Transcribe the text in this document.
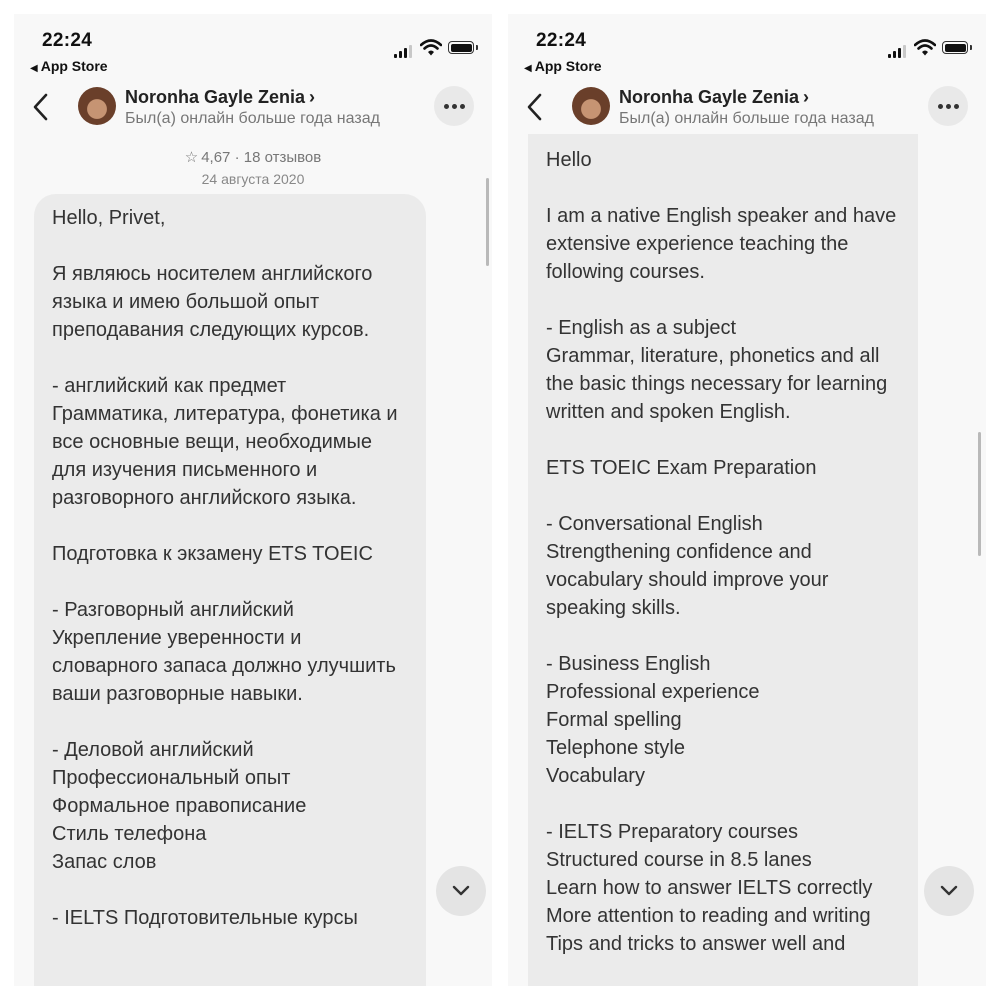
24 августа 2020
Hello, Privet,

Я являюсь носителем английского языка и имею большой опыт преподавания следующих курсов.

- английский как предмет
Грамматика, литература, фонетика и все основные вещи, необходимые для изучения письменного и разговорного английского языка.

Подготовка к экзамену ETS TOEIC

- Разговорный английский
Укрепление уверенности и словарного запаса должно улучшить ваши разговорные навыки.

- Деловой английский
Профессиональный опыт
Формальное правописание
Стиль телефона
Запас слов

- IELTS Подготовительные курсы
22:24
◀ App Store
Noronha Gayle Zenia ›
Был(а) онлайн больше года назад
☆ 4,67 · 18 отзывов	Hello

I am a native English speaker and have extensive experience teaching the following courses.

- English as a subject
Grammar, literature, phonetics and all the basic things necessary for learning written and spoken English.

ETS TOEIC Exam Preparation

- Conversational English
Strengthening confidence and vocabulary should improve your speaking skills.

- Business English
Professional experience
Formal spelling
Telephone style
Vocabulary

- IELTS Preparatory courses
Structured course in 8.5 lanes
Learn how to answer IELTS correctly
More attention to reading and writing
Tips and tricks to answer well and
22:24
◀ App Store
Noronha Gayle Zenia ›
Был(а) онлайн больше года назад
